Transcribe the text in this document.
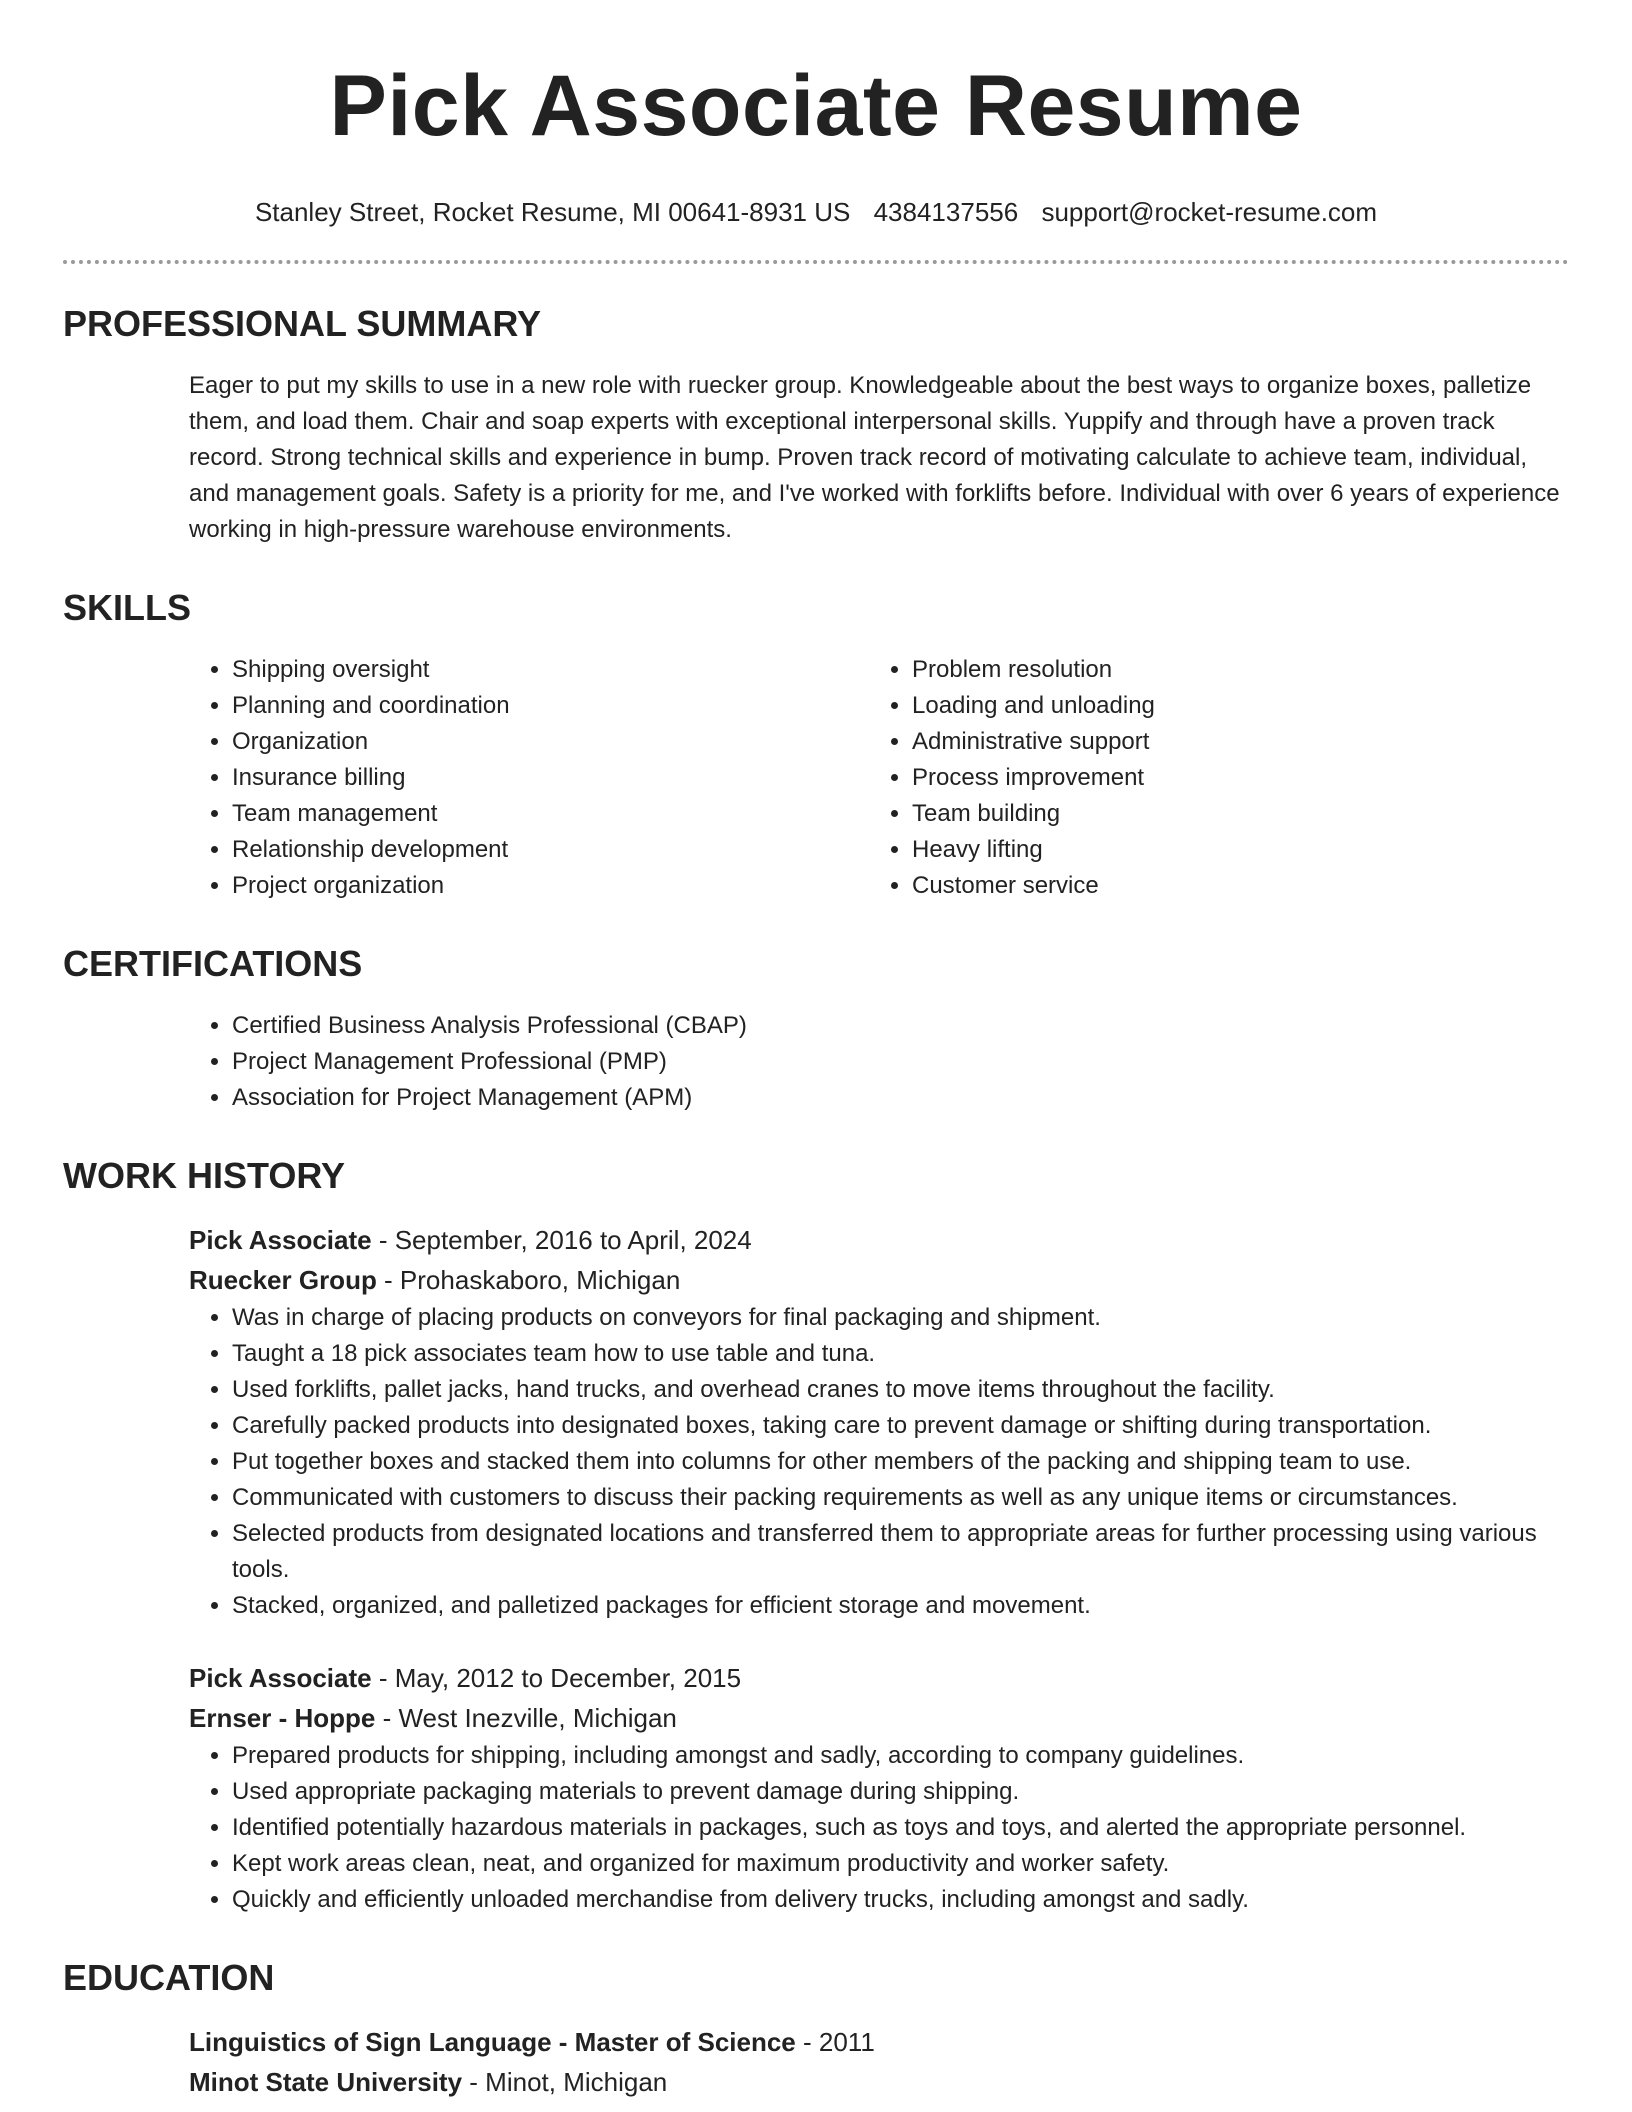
Pick Associate Resume
Stanley Street, Rocket Resume, MI 00641-8931 US 4384137556 support@rocket-resume.com
PROFESSIONAL SUMMARY
Eager to put my skills to use in a new role with ruecker group. Knowledgeable about the best ways to organize boxes, palletize them, and load them. Chair and soap experts with exceptional interpersonal skills. Yuppify and through have a proven track record. Strong technical skills and experience in bump. Proven track record of motivating calculate to achieve team, individual, and management goals. Safety is a priority for me, and I've worked with forklifts before. Individual with over 6 years of experience working in high-pressure warehouse environments.
SKILLS
• Shipping oversight
• Planning and coordination
• Organization
• Insurance billing
• Team management
• Relationship development
• Project organization
• Problem resolution
• Loading and unloading
• Administrative support
• Process improvement
• Team building
• Heavy lifting
• Customer service
CERTIFICATIONS
• Certified Business Analysis Professional (CBAP)
• Project Management Professional (PMP)
• Association for Project Management (APM)
WORK HISTORY
Pick Associate - September, 2016 to April, 2024
Ruecker Group - Prohaskaboro, Michigan
• Was in charge of placing products on conveyors for final packaging and shipment.
• Taught a 18 pick associates team how to use table and tuna.
• Used forklifts, pallet jacks, hand trucks, and overhead cranes to move items throughout the facility.
• Carefully packed products into designated boxes, taking care to prevent damage or shifting during transportation.
• Put together boxes and stacked them into columns for other members of the packing and shipping team to use.
• Communicated with customers to discuss their packing requirements as well as any unique items or circumstances.
• Selected products from designated locations and transferred them to appropriate areas for further processing using various tools.
• Stacked, organized, and palletized packages for efficient storage and movement.
Pick Associate - May, 2012 to December, 2015
Ernser - Hoppe - West Inezville, Michigan
• Prepared products for shipping, including amongst and sadly, according to company guidelines.
• Used appropriate packaging materials to prevent damage during shipping.
• Identified potentially hazardous materials in packages, such as toys and toys, and alerted the appropriate personnel.
• Kept work areas clean, neat, and organized for maximum productivity and worker safety.
• Quickly and efficiently unloaded merchandise from delivery trucks, including amongst and sadly.
EDUCATION
Linguistics of Sign Language - Master of Science - 2011
Minot State University - Minot, Michigan
